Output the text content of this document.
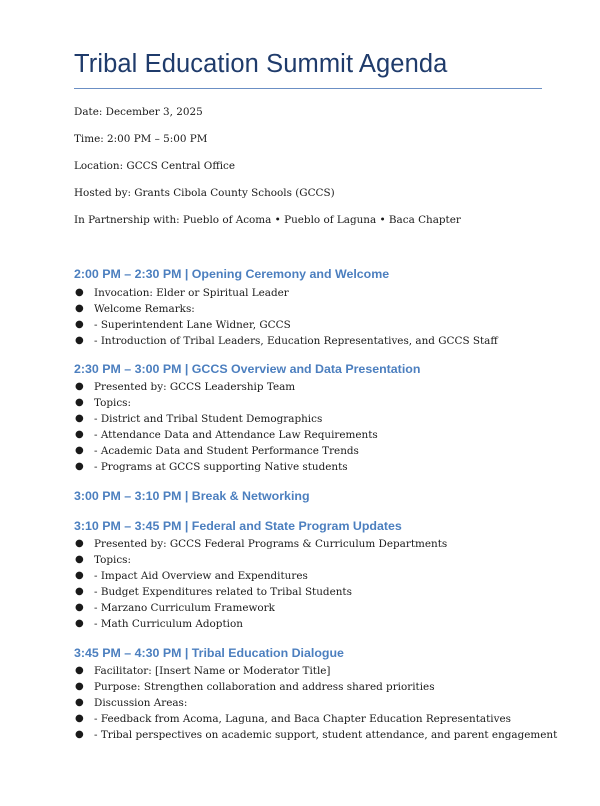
Tribal Education Summit Agenda
Date: December 3, 2025
Time: 2:00 PM – 5:00 PM
Location: GCCS Central Office
Hosted by: Grants Cibola County Schools (GCCS)
In Partnership with: Pueblo of Acoma • Pueblo of Laguna • Baca Chapter
2:00 PM – 2:30 PM | Opening Ceremony and Welcome
● Invocation: Elder or Spiritual Leader
● Welcome Remarks:
● - Superintendent Lane Widner, GCCS
● - Introduction of Tribal Leaders, Education Representatives, and GCCS Staff
2:30 PM – 3:00 PM | GCCS Overview and Data Presentation
● Presented by: GCCS Leadership Team
● Topics:
● - District and Tribal Student Demographics
● - Attendance Data and Attendance Law Requirements
● - Academic Data and Student Performance Trends
● - Programs at GCCS supporting Native students
3:00 PM – 3:10 PM | Break & Networking
3:10 PM – 3:45 PM | Federal and State Program Updates
● Presented by: GCCS Federal Programs & Curriculum Departments
● Topics:
● - Impact Aid Overview and Expenditures
● - Budget Expenditures related to Tribal Students
● - Marzano Curriculum Framework
● - Math Curriculum Adoption
3:45 PM – 4:30 PM | Tribal Education Dialogue
● Facilitator: [Insert Name or Moderator Title]
● Purpose: Strengthen collaboration and address shared priorities
● Discussion Areas:
● - Feedback from Acoma, Laguna, and Baca Chapter Education Representatives
● - Tribal perspectives on academic support, student attendance, and parent engagement
